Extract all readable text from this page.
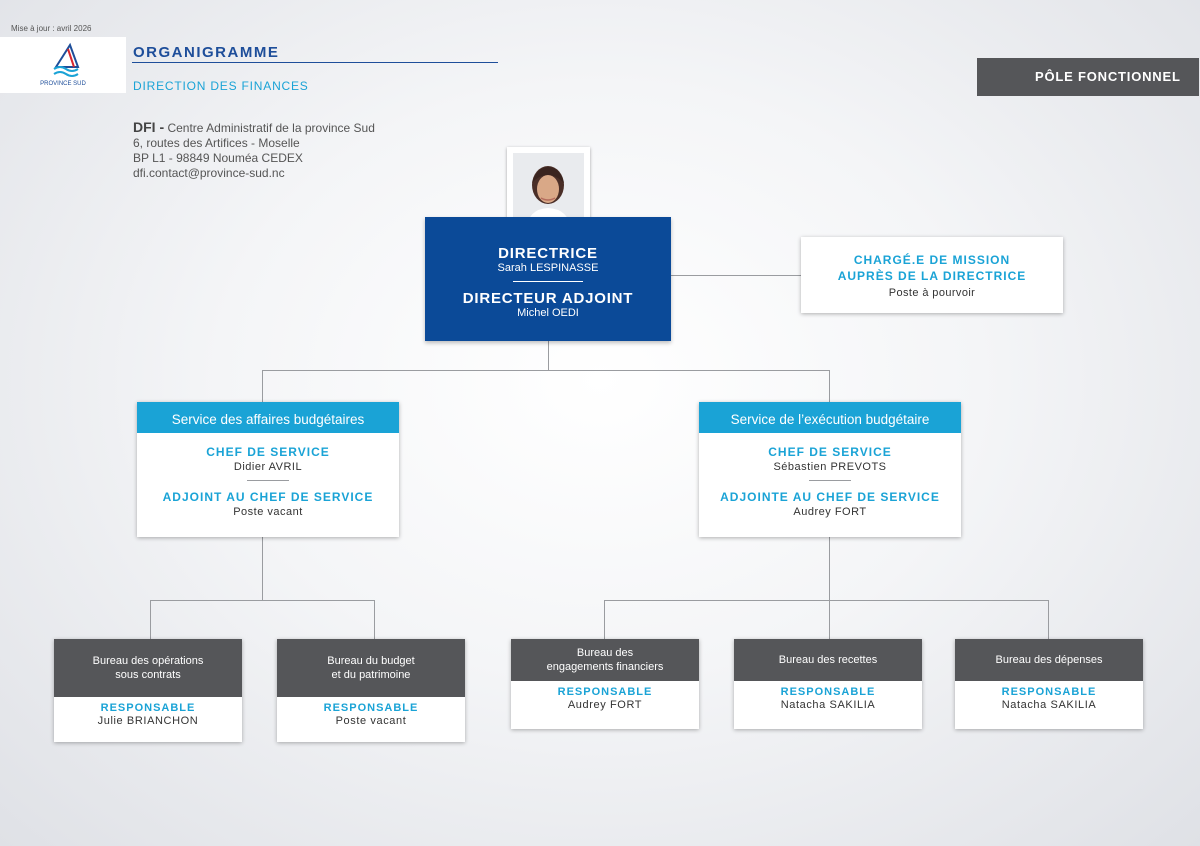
Mise à jour : avril 2026
PROVINCE SUD
ORGANIGRAMME
DIRECTION DES FINANCES
DFI - Centre Administratif de la province Sud
6, routes des Artifices - Moselle
BP L1 - 98849 Nouméa CEDEX
dfi.contact@province-sud.nc
PÔLE FONCTIONNEL
DIRECTRICE
Sarah LESPINASSE
DIRECTEUR ADJOINT
Michel OEDI
CHARGÉ.E DE MISSION
AUPRÈS DE LA DIRECTRICE
Poste à pourvoir
Service des affaires budgétaires
CHEF DE SERVICE
Didier AVRIL
ADJOINT AU CHEF DE SERVICE
Poste vacant
Service de l’exécution budgétaire
CHEF DE SERVICE
Sébastien PREVOTS
ADJOINTE AU CHEF DE SERVICE
Audrey FORT
Bureau des opérations
sous contrats
RESPONSABLE
Julie BRIANCHON
Bureau du budget
et du patrimoine
RESPONSABLE
Poste vacant
Bureau des
engagements financiers
RESPONSABLE
Audrey FORT
Bureau des recettes
RESPONSABLE
Natacha SAKILIA
Bureau des dépenses
RESPONSABLE
Natacha SAKILIA
